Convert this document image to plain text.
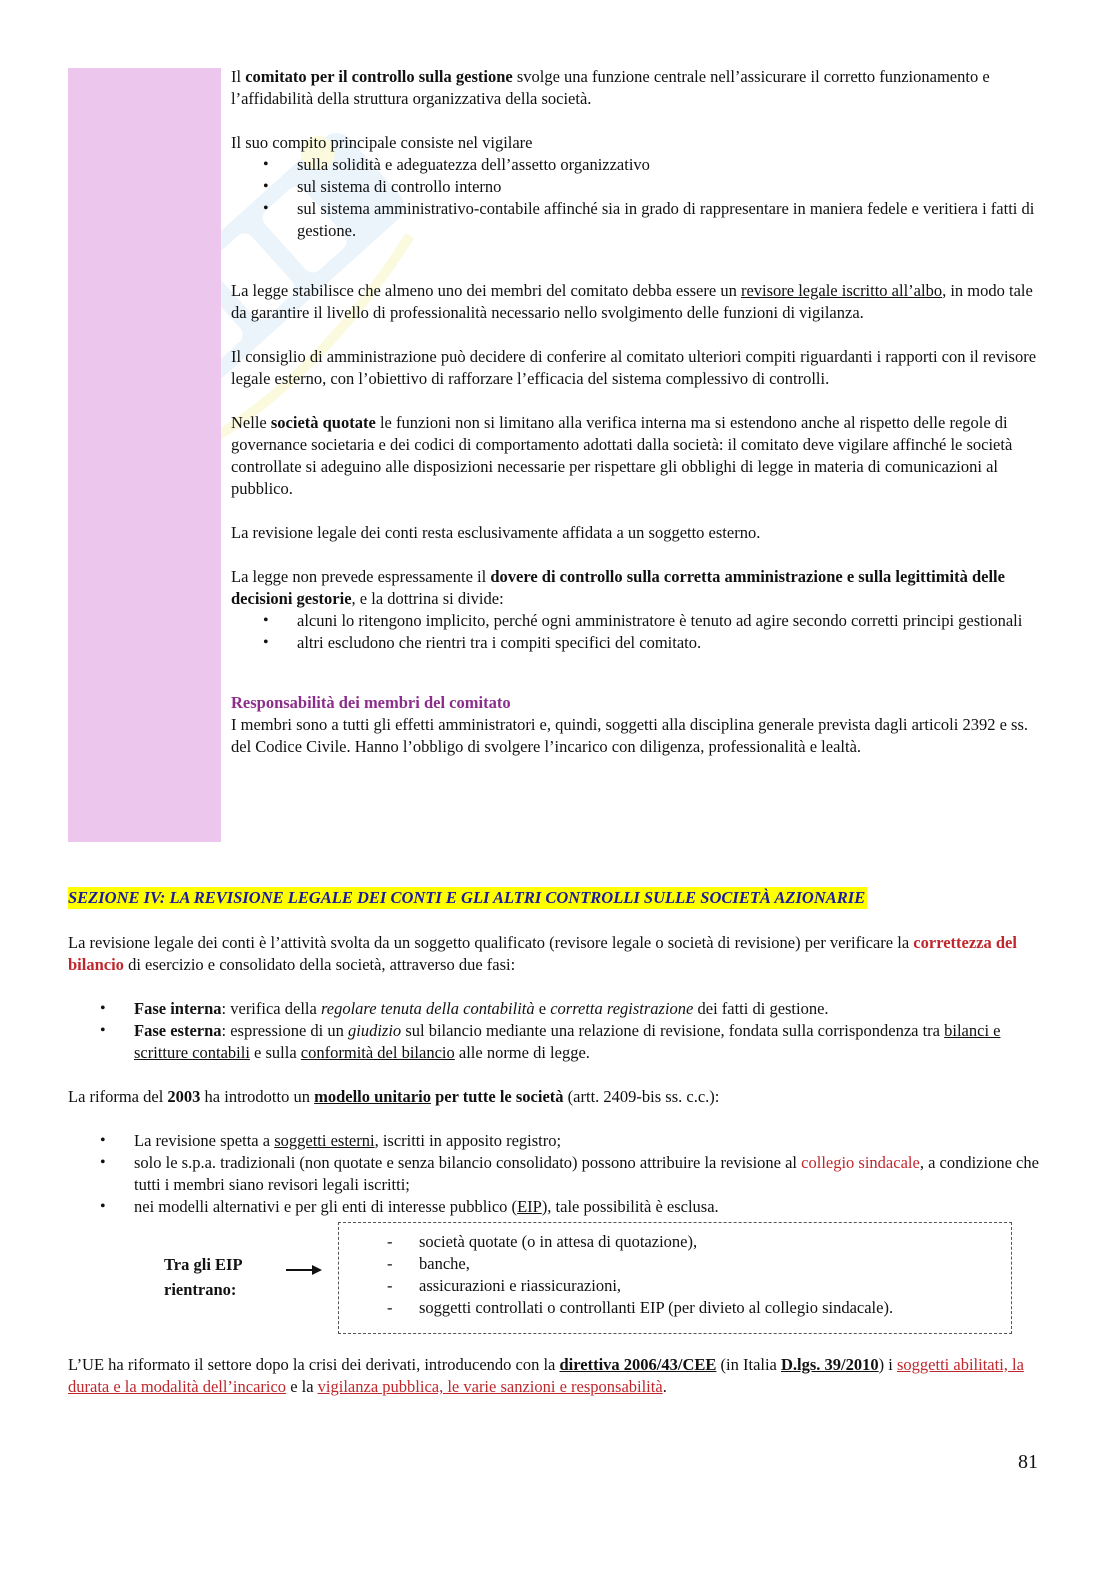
Il comitato per il controllo sulla gestione svolge una funzione centrale nell’assicurare il corretto funzionamento e l’affidabilità della struttura organizzativa della società.

Il suo compito principale consiste nel vigilare

• sulla solidità e adeguatezza dell’assetto organizzativo
• sul sistema di controllo interno
• sul sistema amministrativo-contabile affinché sia in grado di rappresentare in maniera fedele e veritiera i fatti di gestione.

La legge stabilisce che almeno uno dei membri del comitato debba essere un revisore legale iscritto all’albo, in modo tale da garantire il livello di professionalità necessario nello svolgimento delle funzioni di vigilanza.

Il consiglio di amministrazione può decidere di conferire al comitato ulteriori compiti riguardanti i rapporti con il revisore legale esterno, con l’obiettivo di rafforzare l’efficacia del sistema complessivo di controlli.

Nelle società quotate le funzioni non si limitano alla verifica interna ma si estendono anche al rispetto delle regole di governance societaria e dei codici di comportamento adottati dalla società: il comitato deve vigilare affinché le società controllate si adeguino alle disposizioni necessarie per rispettare gli obblighi di legge in materia di comunicazioni al pubblico.

La revisione legale dei conti resta esclusivamente affidata a un soggetto esterno.

La legge non prevede espressamente il dovere di controllo sulla corretta amministrazione e sulla legittimità delle decisioni gestorie, e la dottrina si divide:

• alcuni lo ritengono implicito, perché ogni amministratore è tenuto ad agire secondo corretti principi gestionali
• altri escludono che rientri tra i compiti specifici del comitato.

Responsabilità dei membri del comitato

I membri sono a tutti gli effetti amministratori e, quindi, soggetti alla disciplina generale prevista dagli articoli 2392 e ss. del Codice Civile. Hanno l’obbligo di svolgere l’incarico con diligenza, professionalità e lealtà.

SEZIONE IV: LA REVISIONE LEGALE DEI CONTI E GLI ALTRI CONTROLLI SULLE SOCIETÀ AZIONARIE

La revisione legale dei conti è l’attività svolta da un soggetto qualificato (revisore legale o società di revisione) per verificare la correttezza del bilancio di esercizio e consolidato della società, attraverso due fasi:

• Fase interna: verifica della regolare tenuta della contabilità e corretta registrazione dei fatti di gestione.
• Fase esterna: espressione di un giudizio sul bilancio mediante una relazione di revisione, fondata sulla corrispondenza tra bilanci e scritture contabili e sulla conformità del bilancio alle norme di legge.

La riforma del 2003 ha introdotto un modello unitario per tutte le società (artt. 2409-bis ss. c.c.):

• La revisione spetta a soggetti esterni, iscritti in apposito registro;
• solo le s.p.a. tradizionali (non quotate e senza bilancio consolidato) possono attribuire la revisione al collegio sindacale, a condizione che tutti i membri siano revisori legali iscritti;
• nei modelli alternativi e per gli enti di interesse pubblico (EIP), tale possibilità è esclusa.
Tra gli EIP
rientrano:
- società quotate (o in attesa di quotazione),
- banche,
- assicurazioni e riassicurazioni,
- soggetti controllati o controllanti EIP (per divieto al collegio sindacale).

L’UE ha riformato il settore dopo la crisi dei derivati, introducendo con la direttiva 2006/43/CEE (in Italia D.lgs. 39/2010) i soggetti abilitati, la durata e la modalità dell’incarico e la vigilanza pubblica, le varie sanzioni e responsabilità.

81
